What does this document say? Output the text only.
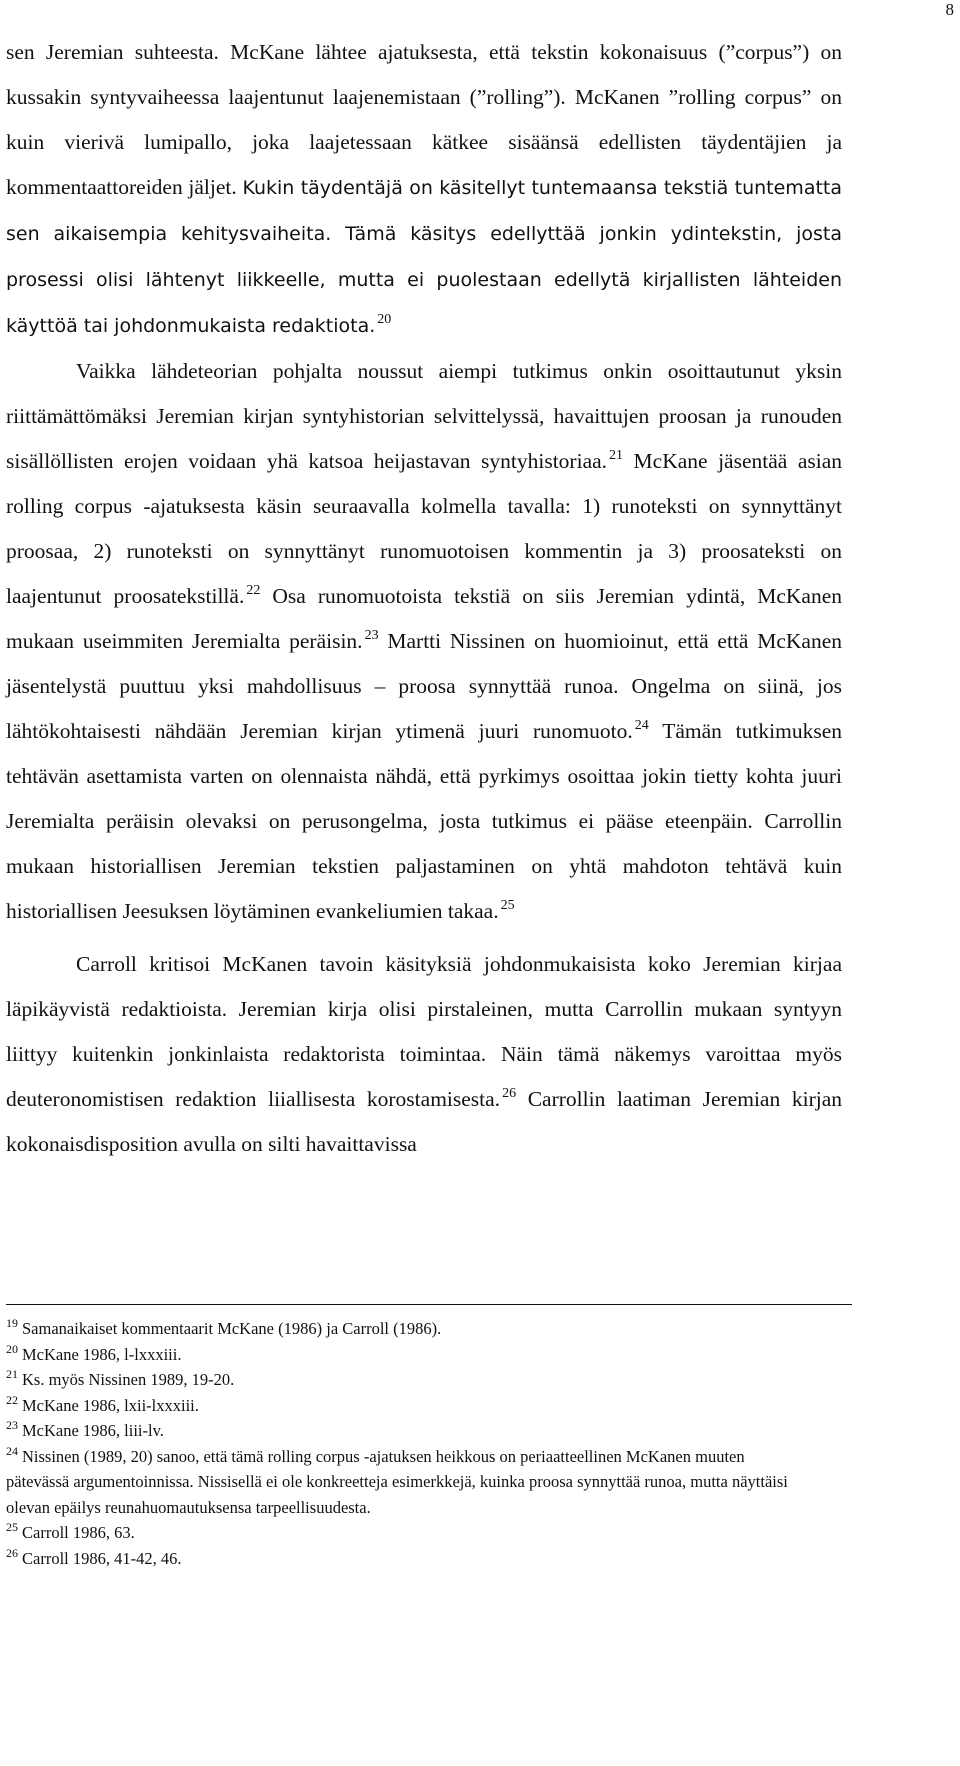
8

sen Jeremian suhteesta. McKane lähtee ajatuksesta, että tekstin kokonaisuus (”corpus”) on kussakin syntyvaiheessa laajentunut laajenemistaan (”rolling”). McKanen ”rolling corpus” on kuin vierivä lumipallo, joka laajetessaan kätkee sisäänsä edellisten täydentäjien ja kommentaattoreiden jäljet. Kukin täydentäjä on käsitellyt tuntemaansa tekstiä tuntematta sen aikaisempia kehitysvaiheita. Tämä käsitys edellyttää jonkin ydintekstin, josta prosessi olisi lähtenyt liikkeelle, mutta ei puolestaan edellytä kirjallisten lähteiden käyttöä tai johdonmukaista redaktiota. $^{20}$

Vaikka lähdeteorian pohjalta noussut aiempi tutkimus onkin osoittautunut yksin riittämättömäksi Jeremian kirjan syntyhistorian selvittelyssä, havaittujen proosan ja runouden sisällöllisten erojen voidaan yhä katsoa heijastavan syntyhistoriaa. $^{21}$ McKane jäsentää asian rolling corpus -ajatuksesta käsin seuraavalla kolmella tavalla: 1) runoteksti on synnyttänyt proosaa, 2) runoteksti on synnyttänyt runomuotoisen kommentin ja 3) proosateksti on laajentunut proosatekstillä. $^{22}$ Osa runomuotoista tekstiä on siis Jeremian ydintä, McKanen mukaan useimmiten Jeremialta peräisin. $^{23}$ Martti Nissinen on huomioinut, että että McKanen jäsentelystä puuttuu yksi mahdollisuus – proosa synnyttää runoa. Ongelma on siinä, jos lähtökohtaisesti nähdään Jeremian kirjan ytimenä juuri runomuoto. $^{24}$ Tämän tutkimuksen tehtävän asettamista varten on olennaista nähdä, että pyrkimys osoittaa jokin tietty kohta juuri Jeremialta peräisin olevaksi on perusongelma, josta tutkimus ei pääse eteenpäin. Carrollin mukaan historiallisen Jeremian tekstien paljastaminen on yhtä mahdoton tehtävä kuin historiallisen Jeesuksen löytäminen evankeliumien takaa. $^{25}$

Carroll kritisoi McKanen tavoin käsityksiä johdonmukaisista koko Jeremian kirjaa läpikäyvistä redaktioista. Jeremian kirja olisi pirstaleinen, mutta Carrollin mukaan syntyyn liittyy kuitenkin jonkinlaista redaktorista toimintaa. Näin tämä näkemys varoittaa myös deuteronomistisen redaktion liiallisesta korostamisesta. $^{26}$ Carrollin laatiman Jeremian kirjan kokonaisdisposition avulla on silti havaittavissa

$^{19}$ Samanaikaiset kommentaarit McKane (1986) ja Carroll (1986).

$^{20}$ McKane 1986, l-lxxxiii.

$^{21}$ Ks. myös Nissinen 1989, 19-20.

$^{22}$ McKane 1986, lxii-lxxxiii.

$^{23}$ McKane 1986, liii-lv.

$^{24}$ Nissinen (1989, 20) sanoo, että tämä rolling corpus -ajatuksen heikkous on periaatteellinen McKanen muuten pätevässä argumentoinnissa. Nissisellä ei ole konkreetteja esimerkkejä, kuinka proosa synnyttää runoa, mutta näyttäisi olevan epäilys reunahuomautuksensa tarpeellisuudesta.

$^{25}$ Carroll 1986, 63.

$^{26}$ Carroll 1986, 41-42, 46.
